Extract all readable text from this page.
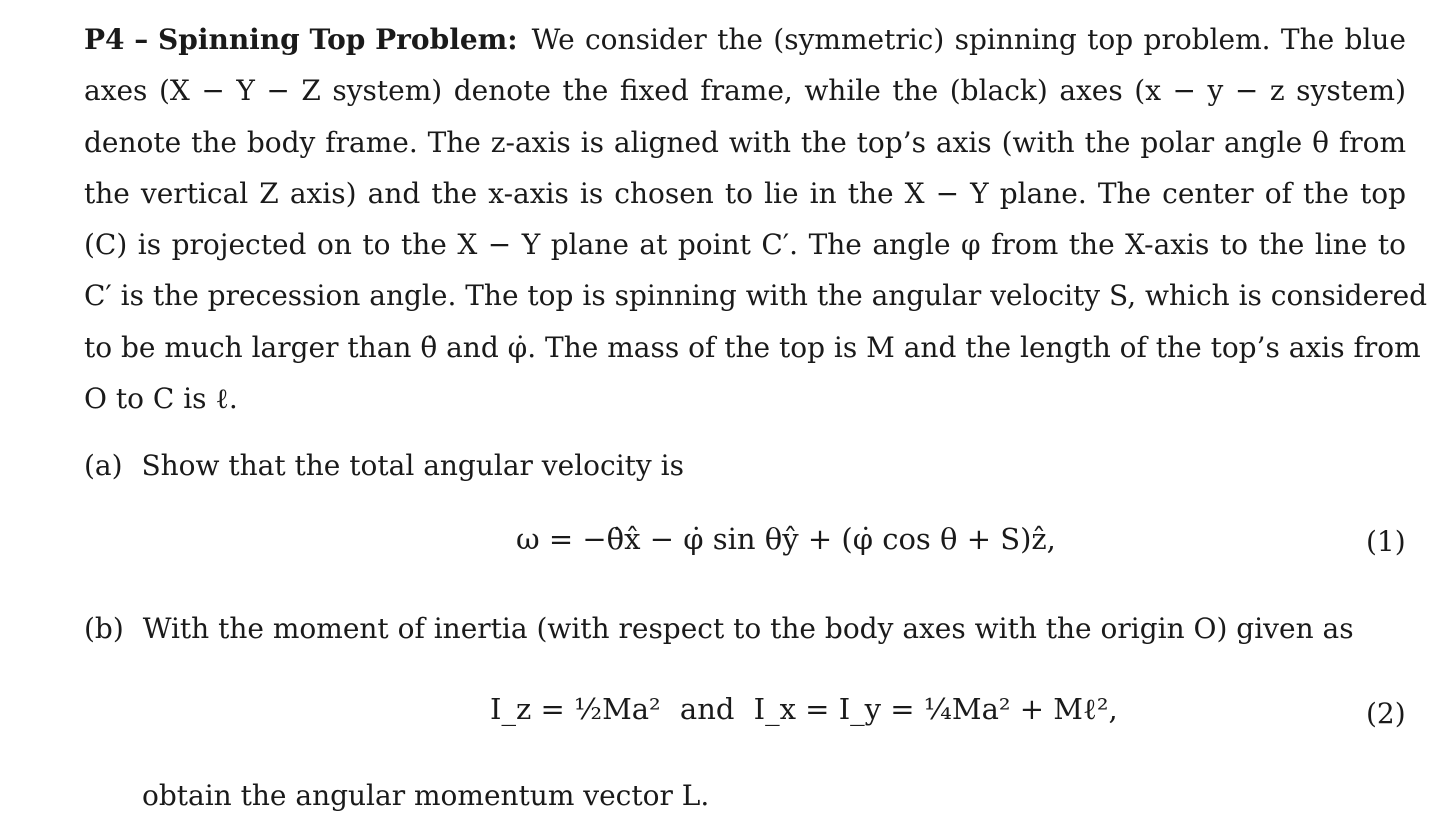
P4 – Spinning Top Problem: We consider the (symmetric) spinning top problem. The blue
axes (X − Y − Z system) denote the fixed frame, while the (black) axes (x − y − z system)
denote the body frame. The z-axis is aligned with the top’s axis (with the polar angle θ from
the vertical Z axis) and the x-axis is chosen to lie in the X − Y plane. The center of the top
(C) is projected on to the X − Y plane at point C′. The angle φ from the X-axis to the line to
C′ is the precession angle. The top is spinning with the angular velocity S, which is considered
to be much larger than θ̇ and φ̇. The mass of the top is M and the length of the top’s axis from
O to C is ℓ.
(a) Show that the total angular velocity is
ω = −θ̇x̂ − φ̇ sin θŷ + (φ̇ cos θ + S)ẑ,	(1)
(b) With the moment of inertia (with respect to the body axes with the origin O) given as
I_z = ½Ma² and I_x = I_y = ¼Ma² + Mℓ²,	(2)
obtain the angular momentum vector L.
